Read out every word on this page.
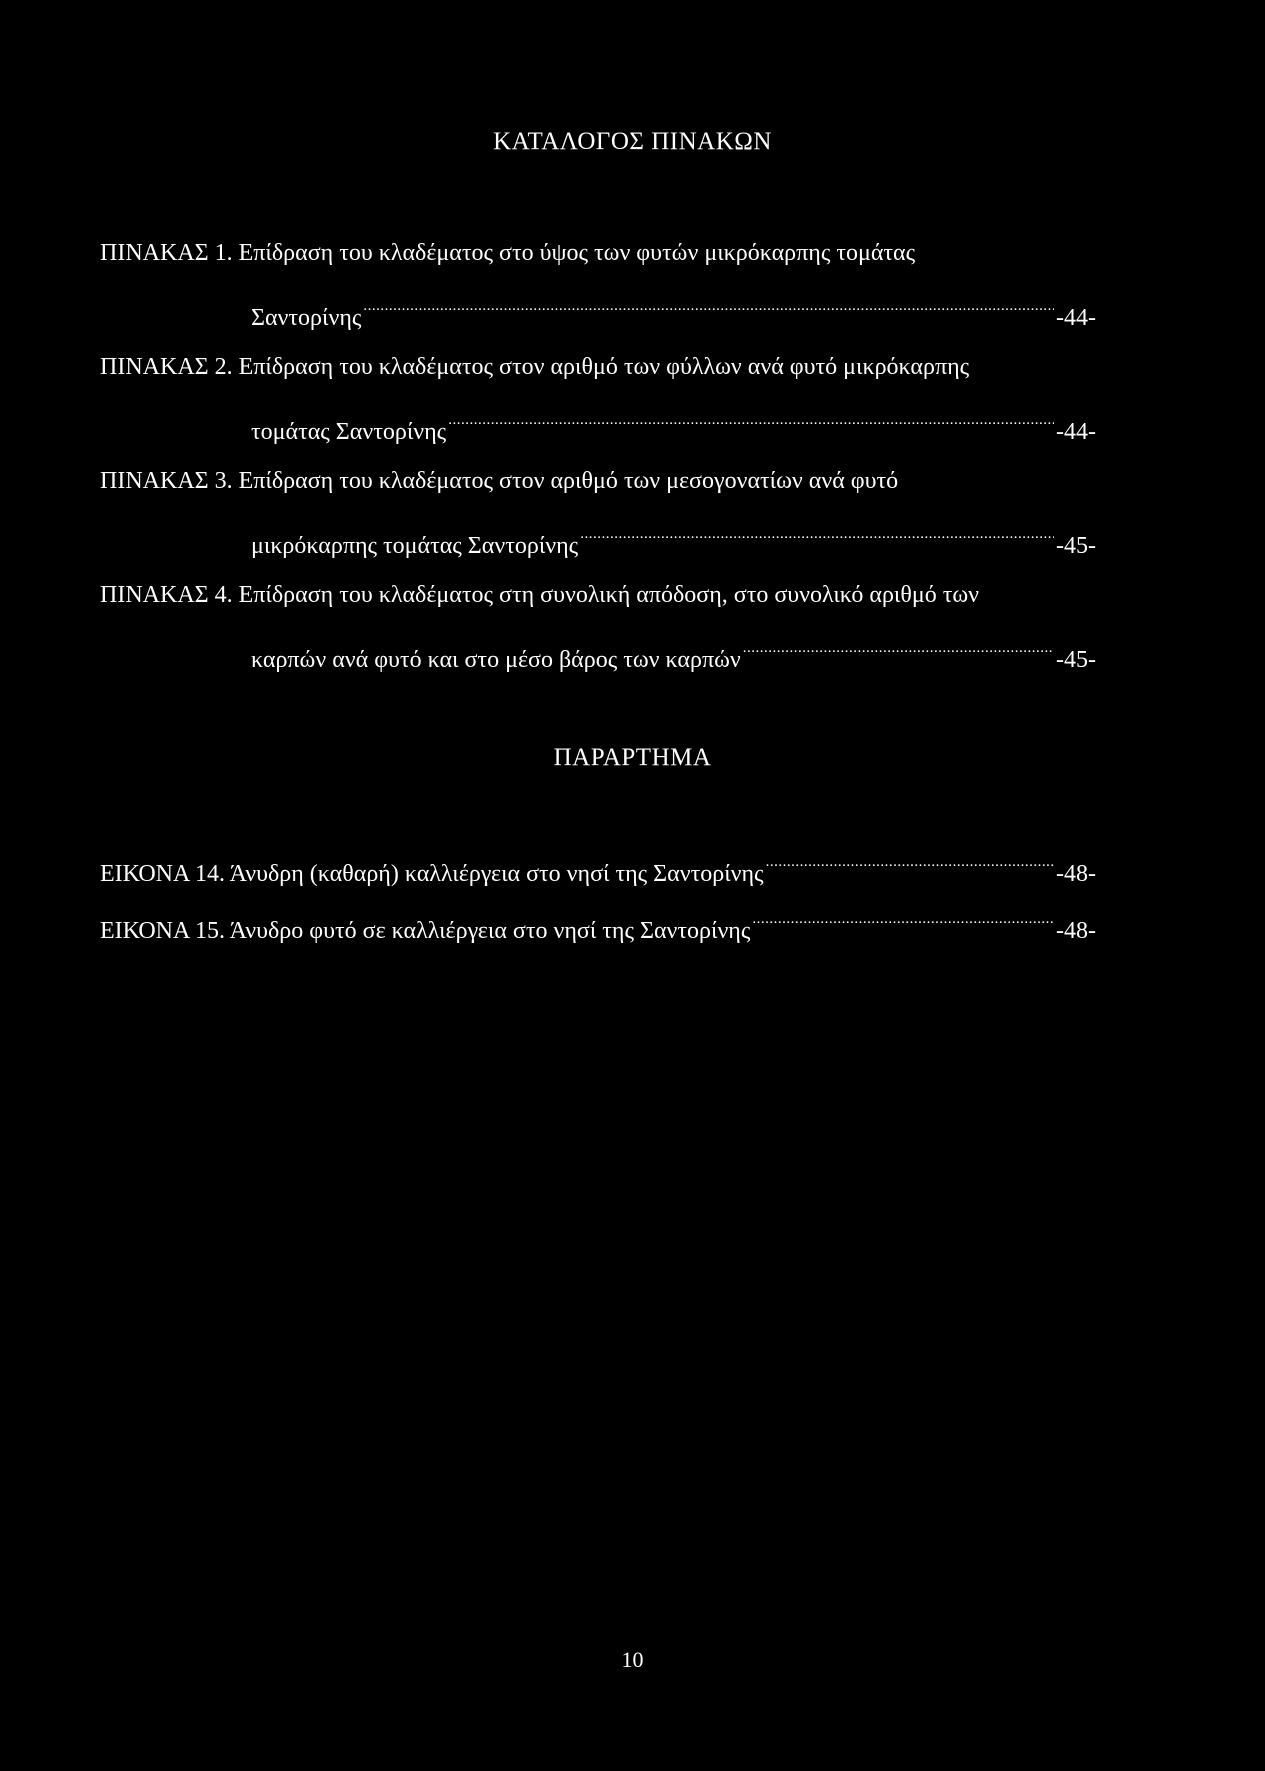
ΚΑΤΑΛΟΓΟΣ ΠΙΝΑΚΩΝ
ΠΙΝΑΚΑΣ 1. Επίδραση του κλαδέματος στο ύψος των φυτών μικρόκαρπης τομάτας
Σαντορίνης .....	-44-
ΠΙΝΑΚΑΣ 2. Επίδραση του κλαδέματος στον αριθμό των φύλλων ανά φυτό μικρόκαρπης
τομάτας Σαντορίνης .....	-44-
ΠΙΝΑΚΑΣ 3. Επίδραση του κλαδέματος στον αριθμό των μεσογονατίων ανά φυτό
μικρόκαρπης τομάτας Σαντορίνης .....	-45-
ΠΙΝΑΚΑΣ 4. Επίδραση του κλαδέματος στη συνολική απόδοση, στο συνολικό αριθμό των
καρπών ανά φυτό και στο μέσο βάρος των καρπών .....	-45-
ΠΑΡΑΡΤΗΜΑ
ΕΙΚΟΝΑ 14. Άνυδρη (καθαρή) καλλιέργεια στο νησί της Σαντορίνης .....	-48-
ΕΙΚΟΝΑ 15. Άνυδρο φυτό σε καλλιέργεια στο νησί της Σαντορίνης .....	-48-
10
